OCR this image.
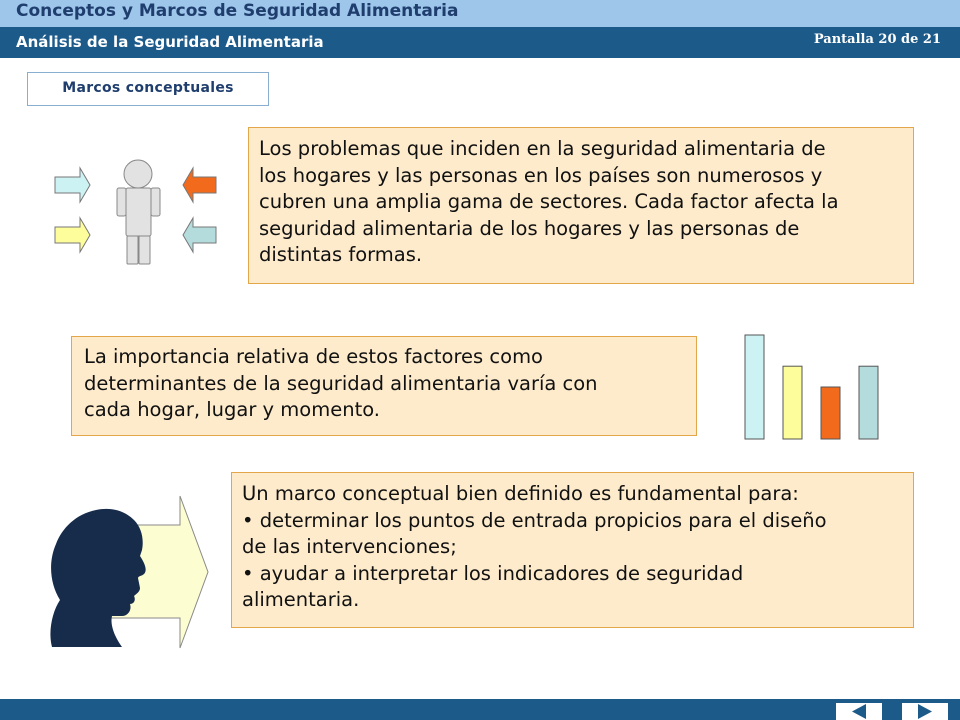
Conceptos y Marcos de Seguridad Alimentaria
Análisis de la Seguridad Alimentaria	Pantalla 20 de 21
Marcos conceptuales
Los problemas que inciden en la seguridad alimentaria de
los hogares y las personas en los países son numerosos y
cubren una amplia gama de sectores. Cada factor afecta la
seguridad alimentaria de los hogares y las personas de
distintas formas.
La importancia relativa de estos factores como
determinantes de la seguridad alimentaria varía con
cada hogar, lugar y momento.
Un marco conceptual bien definido es fundamental para:
• determinar los puntos de entrada propicios para el diseño
de las intervenciones;
• ayudar a interpretar los indicadores de seguridad
alimentaria.
